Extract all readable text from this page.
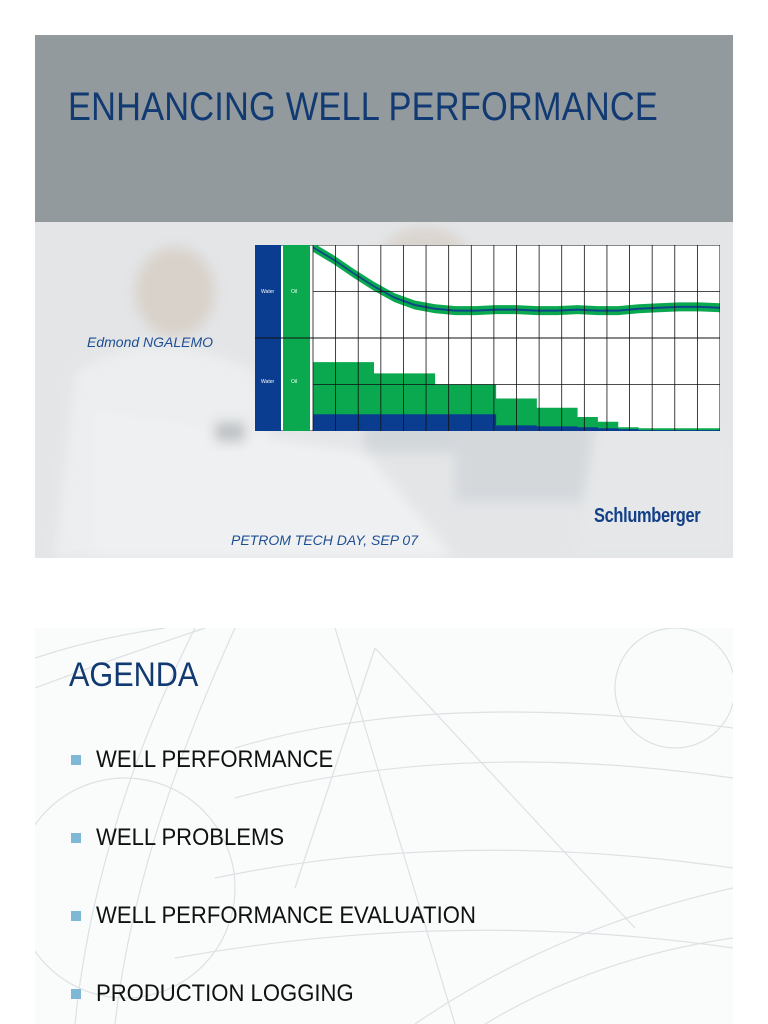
ENHANCING WELL PERFORMANCE
Edmond NGALEMO
Water	Oil
Water	Oil
Schlumberger
PETROM TECH DAY, SEP 07
AGENDA
WELL PERFORMANCE
WELL PROBLEMS
WELL PERFORMANCE EVALUATION
PRODUCTION LOGGING
